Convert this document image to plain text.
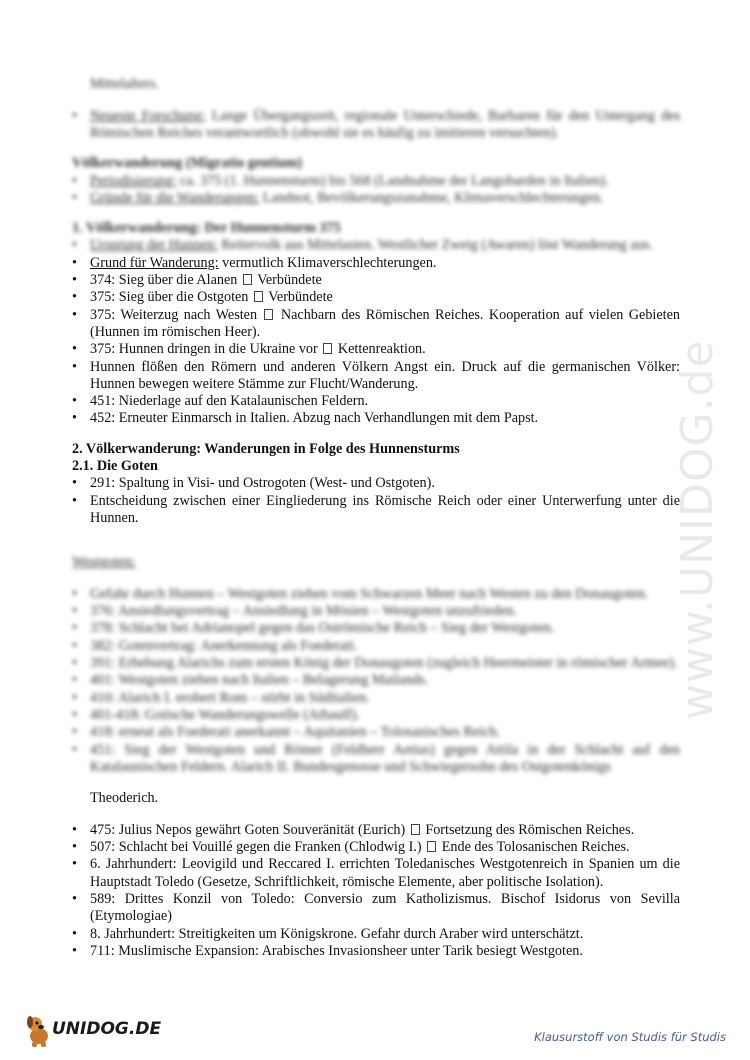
www.UNIDOG.de

Mittelalters.

• Neueste Forschung: Lange Übergangszeit, regionale Unterschiede, Barbaren für den Untergang des Römischen Reiches verantwortlich (obwohl sie es häufig zu imitieren versuchten).

Völkerwanderung (Migratio gentium)

• Periodisierung: ca. 375 (1. Hunnensturm) bis 568 (Landnahme der Langobarden in Italien).
• Gründe für die Wanderungen: Landnot, Bevölkerungszunahme, Klimaverschlechterungen.

1. Völkerwanderung: Der Hunnensturm 375

• Ursprung der Hunnen: Reitervolk aus Mittelasien. Westlicher Zweig (Awaren) löst Wanderung aus.
• Grund für Wanderung: vermutlich Klimaverschlechterungen.
• 374: Sieg über die Alanen  Verbündete
• 375: Sieg über die Ostgoten  Verbündete
• 375: Weiterzug nach Westen  Nachbarn des Römischen Reiches. Kooperation auf vielen Gebieten (Hunnen im römischen Heer).
• 375: Hunnen dringen in die Ukraine vor  Kettenreaktion.
• Hunnen flößen den Römern und anderen Völkern Angst ein. Druck auf die germanischen Völker: Hunnen bewegen weitere Stämme zur Flucht/Wanderung.
• 451: Niederlage auf den Katalaunischen Feldern.
• 452: Erneuter Einmarsch in Italien. Abzug nach Verhandlungen mit dem Papst.

2. Völkerwanderung: Wanderungen in Folge des Hunnensturms

2.1. Die Goten

• 291: Spaltung in Visi- und Ostrogoten (West- und Ostgoten).
• Entscheidung zwischen einer Eingliederung ins Römische Reich oder einer Unterwerfung unter die Hunnen.

Westgoten:

• Gefahr durch Hunnen – Westgoten ziehen vom Schwarzen Meer nach Westen zu den Donaugoten.
• 376: Ansiedlungsvertrag – Ansiedlung in Mösien – Westgoten unzufrieden.
• 378: Schlacht bei Adrianopel gegen das Oströmische Reich – Sieg der Westgoten.
• 382: Gotenvertrag: Anerkennung als Foederati.
• 391: Erhebung Alarichs zum ersten König der Donaugoten (zugleich Heermeister in römischer Armee).
• 401: Westgoten ziehen nach Italien – Belagerung Mailands.
• 410: Alarich I. erobert Rom – stirbt in Süditalien.
• 401-418: Gotische Wanderungswelle (Athaulf).
• 418: erneut als Foederati anerkannt – Aquitanien – Tolosanisches Reich.
• 451: Sieg der Westgoten und Römer (Feldherr Aetius) gegen Attila in der Schlacht auf den Katalaunischen Feldern. Alarich II. Bundesgenosse und Schwiegersohn des Ostgotenkönigs

Theoderich.

• 475: Julius Nepos gewährt Goten Souveränität (Eurich)  Fortsetzung des Römischen Reiches.
• 507: Schlacht bei Vouillé gegen die Franken (Chlodwig I.)  Ende des Tolosanischen Reiches.
• 6. Jahrhundert: Leovigild und Reccared I. errichten Toledanisches Westgotenreich in Spanien um die Hauptstadt Toledo (Gesetze, Schriftlichkeit, römische Elemente, aber politische Isolation).
• 589: Drittes Konzil von Toledo: Conversio zum Katholizismus. Bischof Isidorus von Sevilla (Etymologiae)
• 8. Jahrhundert: Streitigkeiten um Königskrone. Gefahr durch Araber wird unterschätzt.
• 711: Muslimische Expansion: Arabisches Invasionsheer unter Tarik besiegt Westgoten.
UNIDOG.DE	Klausurstoff von Studis für Studis
